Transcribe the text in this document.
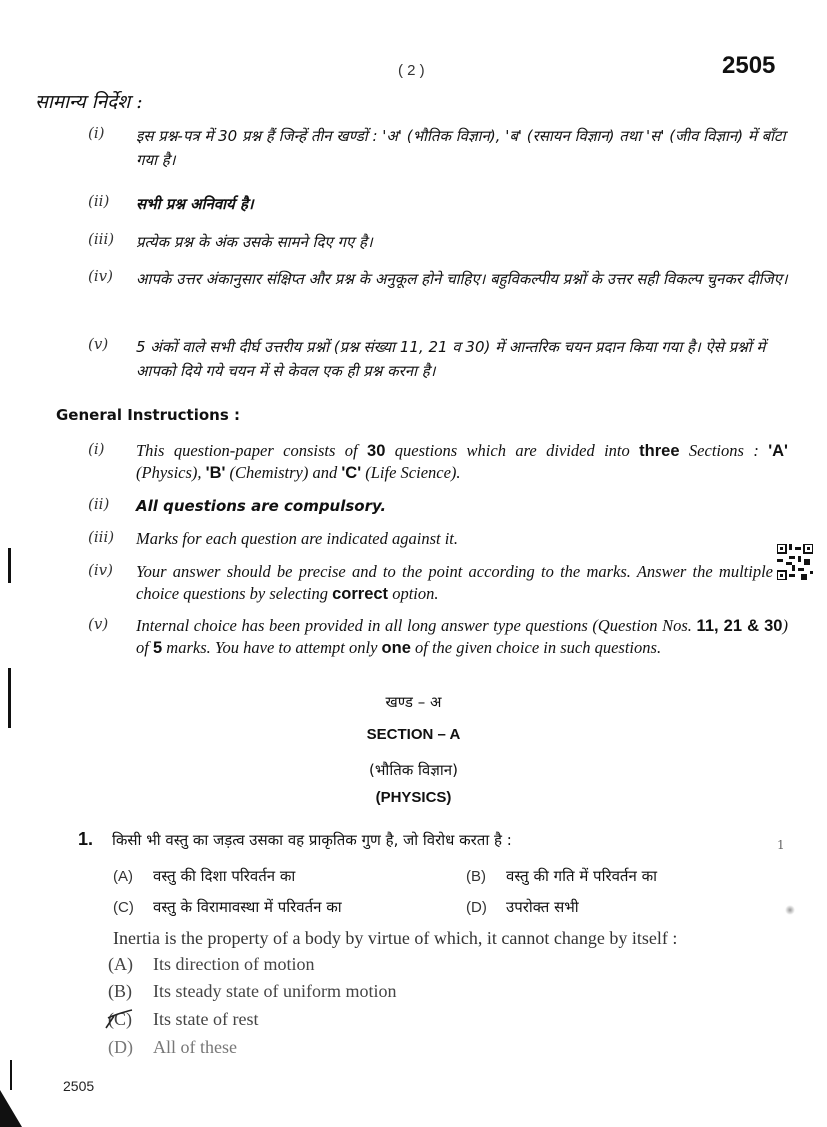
( 2 )	2505
सामान्य निर्देश :
(i)	इस प्रश्न-पत्र में 30 प्रश्न हैं जिन्हें तीन खण्डों : 'अ' (भौतिक विज्ञान), 'ब' (रसायन विज्ञान) तथा 'स' (जीव विज्ञान) में बाँटा गया है।
(ii)	सभी प्रश्न अनिवार्य है।
(iii)	प्रत्येक प्रश्न के अंक उसके सामने दिए गए है।
(iv)	आपके उत्तर अंकानुसार संक्षिप्त और प्रश्न के अनुकूल होने चाहिए। बहुविकल्पीय प्रश्नों के उत्तर सही विकल्प चुनकर दीजिए।
(v)	5 अंकों वाले सभी दीर्घ उत्तरीय प्रश्नों (प्रश्न संख्या 11, 21 व 30) में आन्तरिक चयन प्रदान किया गया है। ऐसे प्रश्नों में आपको दिये गये चयन में से केवल एक ही प्रश्न करना है।
General Instructions :
(i)	This question-paper consists of 30 questions which are divided into three Sections : 'A' (Physics), 'B' (Chemistry) and 'C' (Life Science).
(ii)	All questions are compulsory.
(iii)	Marks for each question are indicated against it.
(iv)	Your answer should be precise and to the point according to the marks. Answer the multiple choice questions by selecting correct option.
(v)	Internal choice has been provided in all long answer type questions (Question Nos. 11, 21 & 30) of 5 marks. You have to attempt only one of the given choice in such questions.
खण्ड – अ
SECTION – A
(भौतिक विज्ञान)
(PHYSICS)
1. किसी भी वस्तु का जड़त्व उसका वह प्राकृतिक गुण है, जो विरोध करता है :	1
(A) वस्तु की दिशा परिवर्तन का	(B) वस्तु की गति में परिवर्तन का
(C) वस्तु के विरामावस्था में परिवर्तन का	(D) उपरोक्त सभी
Inertia is the property of a body by virtue of which, it cannot change by itself :
(A) Its direction of motion
(B) Its steady state of uniform motion
(C) Its state of rest
(D) All of these
2505
